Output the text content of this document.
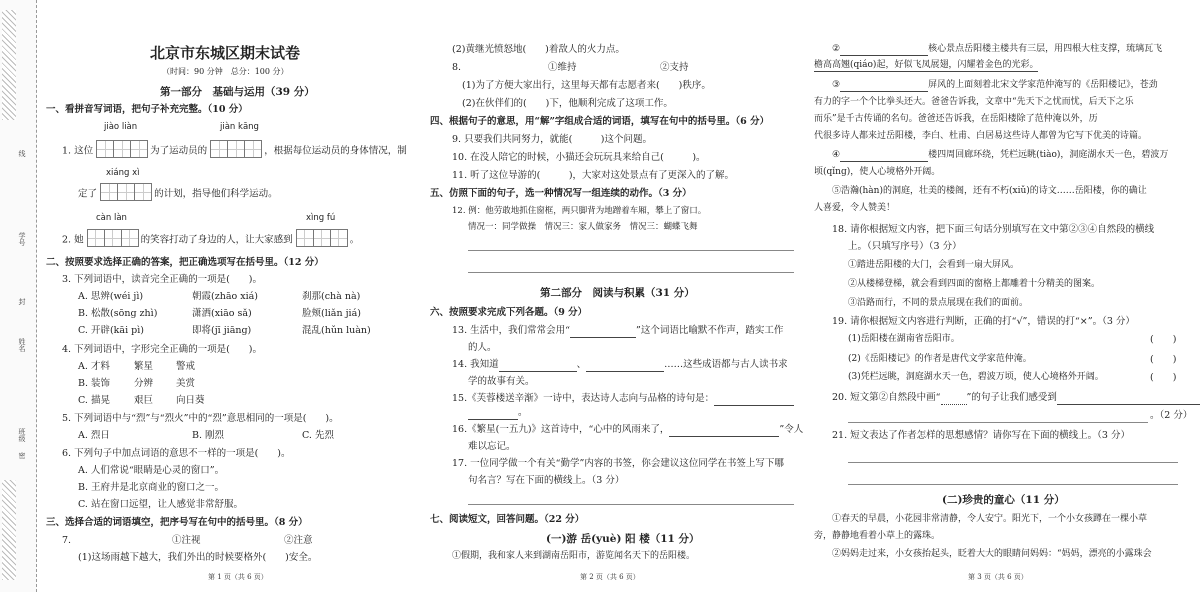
学号
封
姓名
线
班级
密
北京市东城区期末试卷
（时间：90 分钟　总分：100 分）
第一部分　基础与运用（39 分）
一、看拼音写词语，把句子补充完整。（10 分）
jiào liàn	jiàn kāng
1. 这位	为了运动员的	，根据每位运动员的身体情况，制
xiáng xì
定了	的计划，指导他们科学运动。
càn làn	xìng fú
2. 她	的笑容打动了身边的人，让大家感到	。
二、按照要求选择正确的答案，把正确选项写在括号里。（12 分）
3. 下列词语中，读音完全正确的一项是(　　)。
A. 思辨(wéi jì)	朝霞(zhāo xiá)	刹那(chà nà)
B. 松散(sōng zhì)	潇洒(xiāo sǎ)	脸颊(liǎn jiá)
C. 开辟(kāi pì)	即将(jī jiāng)	混乱(hǔn luàn)
4. 下列词语中，字形完全正确的一项是(　　)。
A. 才料	繁星 警戒
B. 装饰	分辨 美赏
C. 描晃	艰巨 向日葵
5. 下列词语中与“烈”与“烈火”中的“烈”意思相同的一项是(　　)。
A. 烈日	B. 刚烈	C. 先烈
6. 下列句子中加点词语的意思不一样的一项是(　　)。
A. 人们常说“眼睛是心灵的窗口”。
B. 王府井是北京商业的窗口之一。
C. 站在窗口远望，让人感觉非常舒服。
三、选择合适的词语填空，把序号写在句中的括号里。（8 分）
7.	①注视	②注意
(1)这场雨越下越大，我们外出的时候要格外(　　)安全。
第 1 页（共 6 页）
(2)黄继光愤怒地(　　)着敌人的火力点。
8.	①维持	②支持
(1)为了方便大家出行，这里每天都有志愿者来(　　)秩序。
(2)在伙伴们的(　　)下，他顺利完成了这项工作。
四、根据句子的意思，用“解”字组成合适的词语，填写在句中的括号里。（6 分）
9. 只要我们共同努力，就能(　　　)这个问题。
10. 在没人陪它的时候，小猫还会玩玩具来给自己(　　　)。
11. 听了这位导游的(　　　)，大家对这处景点有了更深入的了解。
五、仿照下面的句子，选一种情况写一组连续的动作。（3 分）
12. 例：他劳敢地抓住窗框，两只脚背为地蹭着车厢，攀上了窗口。
情况一：同学做操　情况三：家人做家务　情况三：蝴蝶飞舞
第二部分　阅读与积累（31 分）
六、按照要求完成下列各题。（9 分）
13. 生活中，我们常常会用“	”这个词语比喻默不作声，踏实工作
的人。
14. 我知道	、	……这些成语都与古人读书求
学的故事有关。
15.《芙蓉楼送辛渐》一诗中，表达诗人志向与品格的诗句是：
。
16.《繁星(一五九)》这首诗中，“心中的风雨来了，	”令人
难以忘记。
17. 一位同学做一个有关“勤学”内容的书签，你会建议这位同学在书签上写下哪
句名言？写在下面的横线上。（3 分）
七、阅读短文，回答问题。（22 分）
(一)游 岳(yuè) 阳 楼（11 分）
①假期，我和家人来到湖南岳阳市，游览闻名天下的岳阳楼。
第 2 页（共 6 页）
②	核心景点岳阳楼主楼共有三层，用四根大柱支撑，琉璃瓦飞
檐高高翘(qiáo)起，好似飞凤展翅，闪耀着金色的光彩。
③	屏风的上面刻着北宋文学家范仲淹写的《岳阳楼记》，苍劲
有力的字一个个比拳头还大。爸爸告诉我，文章中“先天下之忧而忧，后天下之乐
而乐”是千古传诵的名句。爸爸还告诉我，在岳阳楼除了范仲淹以外，历
代很多诗人都来过岳阳楼，李白、杜甫、白居易这些诗人都曾为它写下优美的诗篇。
④	楼四周回廊环绕，凭栏远眺(tiào)，洞庭湖水天一色，碧波万
顷(qǐng)，使人心境格外开阔。
⑤浩瀚(hàn)的洞庭，壮美的楼阁，还有不朽(xiǔ)的诗文……岳阳楼，你的确让
人喜爱，令人赞美！
18. 请你根据短文内容，把下面三句话分别填写在文中第②③④自然段的横线
上。（只填写序号）（3 分）
①踏进岳阳楼的大门，会看到一扇大屏风。
②从楼梯登梯，就会看到四面的窗格上都雕着十分精美的图案。
③沿路而行，不同的景点展现在我们的面前。
19. 请你根据短文内容进行判断，正确的打“√”，错误的打“×”。（3 分）
(1)岳阳楼在湖南省岳阳市。	(　　)
(2)《岳阳楼记》的作者是唐代文学家范仲淹。	(　　)
(3)凭栏远眺，洞庭湖水天一色，碧波万顷，使人心境格外开阔。	(　　)
20. 短文第②自然段中画“	”的句子让我们感受到
。（2 分）
21. 短文表达了作者怎样的思想感情？请你写在下面的横线上。（3 分）
(二)珍贵的童心（11 分）
①春天的早晨，小花园非常清静，令人安宁。阳光下，一个小女孩蹲在一棵小草
旁，静静地看着小草上的露珠。
②妈妈走过来，小女孩抬起头，眨着大大的眼睛问妈妈：“妈妈，漂亮的小露珠会
第 3 页（共 6 页）
